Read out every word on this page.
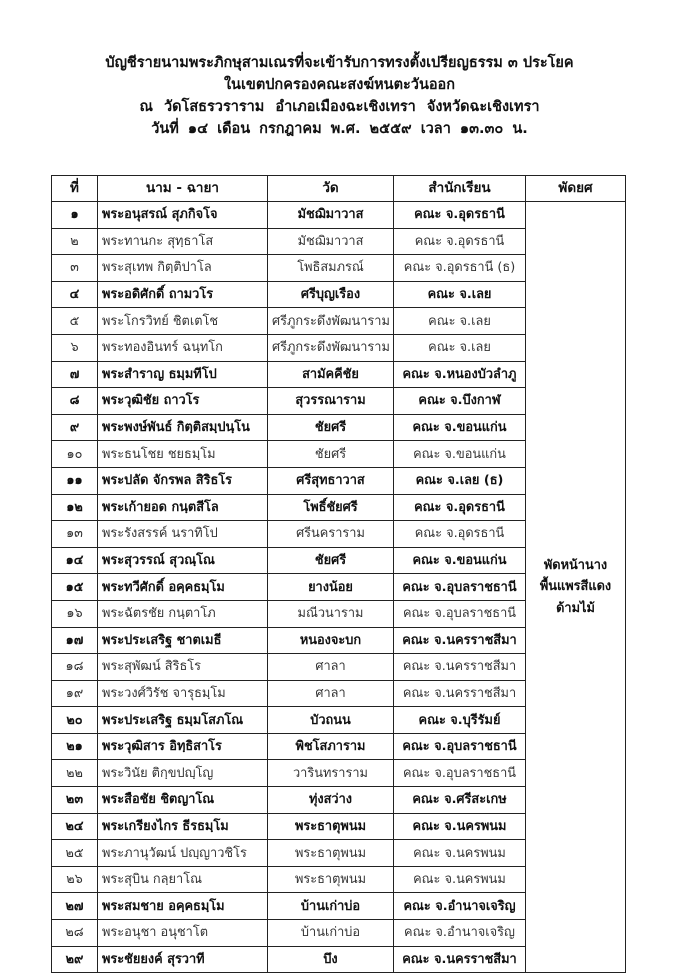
บัญชีรายนามพระภิกษุสามเณรที่จะเข้ารับการทรงตั้งเปรียญธรรม ๓ ประโยค
ในเขตปกครองคณะสงฆ์หนตะวันออก
ณ วัดโสธรวราราม อำเภอเมืองฉะเชิงเทรา จังหวัดฉะเชิงเทรา
วันที่ ๑๔ เดือน กรกฎาคม พ.ศ. ๒๕๕๙ เวลา ๑๓.๓๐ น.
ที่	นาม - ฉายา	วัด	สำนักเรียน	พัดยศ
๑	พระอนุสรณ์ สุภกิจโจ	มัชฌิมาวาส	คณะ จ.อุดรธานี	พัดหน้านาง
พื้นแพรสีแดง
ด้ามไม้

๒	พระทานกะ สุทฺธาโส	มัชฌิมาวาส	คณะ จ.อุดรธานี	
๓	พระสุเทพ กิตฺติปาโล	โพธิสมภรณ์	คณะ จ.อุดรธานี (ธ)	
๔	พระอดิศักดิ์ ถามวโร	ศรีบุญเรือง	คณะ จ.เลย	
๕	พระโกรวิทย์ ชิตเตโช	ศรีภูกระดึงพัฒนาราม	คณะ จ.เลย	
๖	พระทองอินทร์ ฉนฺทโก	ศรีภูกระดึงพัฒนาราม	คณะ จ.เลย	
๗	พระสำราญ ธมฺมทีโป	สามัคคีชัย	คณะ จ.หนองบัวลำภู	
๘	พระวุฒิชัย ถาวโร	สุวรรณาราม	คณะ จ.บึงกาฬ	
๙	พระพงษ์พันธ์ กิตฺติสมฺปนฺโน	ชัยศรี	คณะ จ.ขอนแก่น	
๑๐	พระธนโชย ชยธมฺโม	ชัยศรี	คณะ จ.ขอนแก่น	
๑๑	พระปลัด จักรพล สิริธโร	ศรีสุทธาวาส	คณะ จ.เลย (ธ)	
๑๒	พระเก้ายอด กนฺตสีโล	โพธิ์ชัยศรี	คณะ จ.อุดรธานี	
๑๓	พระรังสรรค์ นราทิโป	ศรีนคราราม	คณะ จ.อุดรธานี	
๑๔	พระสุวรรณ์ สุวณฺโณ	ชัยศรี	คณะ จ.ขอนแก่น	
๑๕	พระทวีศักดิ์ อคฺคธมฺโม	ยางน้อย	คณะ จ.อุบลราชธานี	
๑๖	พระฉัตรชัย กนฺตาโภ	มณีวนาราม	คณะ จ.อุบลราชธานี	
๑๗	พระประเสริฐ ชาตเมธี	หนองจะบก	คณะ จ.นครราชสีมา	
๑๘	พระสุพัฒน์ สิริธโร	ศาลา	คณะ จ.นครราชสีมา	
๑๙	พระวงศ์วิรัช จารุธมฺโม	ศาลา	คณะ จ.นครราชสีมา	
๒๐	พระประเสริฐ ธมฺมโสภโณ	บัวถนน	คณะ จ.บุรีรัมย์	
๒๑	พระวุฒิสาร อิทฺธิสาโร	พิชโสภาราม	คณะ จ.อุบลราชธานี	
๒๒	พระวินัย ติกฺขปญฺโญ	วารินทราราม	คณะ จ.อุบลราชธานี	
๒๓	พระสือชัย ชิตญาโณ	ทุ่งสว่าง	คณะ จ.ศรีสะเกษ	
๒๔	พระเกรียงไกร ธีรธมฺโม	พระธาตุพนม	คณะ จ.นครพนม	
๒๕	พระภานุวัฒน์ ปญฺญาวชิโร	พระธาตุพนม	คณะ จ.นครพนม	
๒๖	พระสุบิน กลฺยาโณ	พระธาตุพนม	คณะ จ.นครพนม	
๒๗	พระสมชาย อคฺคธมฺโม	บ้านเก่าบ่อ	คณะ จ.อำนาจเจริญ	
๒๘	พระอนุชา อนุชาโต	บ้านเก่าบ่อ	คณะ จ.อำนาจเจริญ	
๒๙	พระชัยยงค์ สุรวาที	บึง	คณะ จ.นครราชสีมา	
